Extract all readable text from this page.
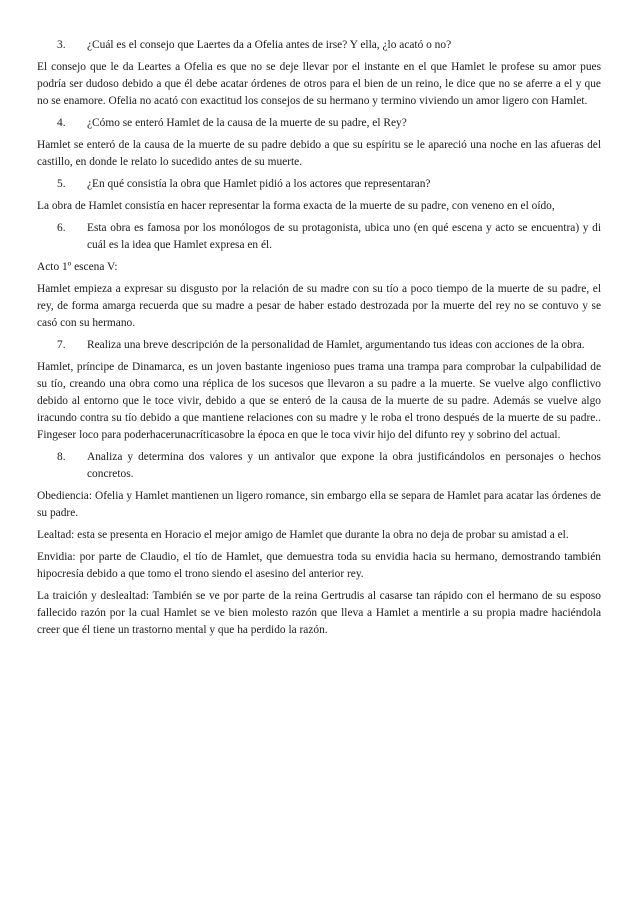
3.	¿Cuál es el consejo que Laertes da a Ofelia antes de irse? Y ella, ¿lo acató o no?

El consejo que le da Leartes a Ofelia es que no se deje llevar por el instante en el que Hamlet le profese su amor pues podría ser dudoso debido a que él debe acatar órdenes de otros para el bien de un reino, le dice que no se aferre a el y que no se enamore. Ofelia no acató con exactitud los consejos de su hermano y termino viviendo un amor ligero con Hamlet.

4.	¿Cómo se enteró Hamlet de la causa de la muerte de su padre, el Rey?

Hamlet se enteró de la causa de la muerte de su padre debido a que su espíritu se le apareció una noche en las afueras del castillo, en donde le relato lo sucedido antes de su muerte.

5.	¿En qué consistía la obra que Hamlet pidió a los actores que representaran?

La obra de Hamlet consistía en hacer representar la forma exacta de la muerte de su padre, con veneno en el oído,

6.	Esta obra es famosa por los monólogos de su protagonista, ubica uno (en qué escena y acto se encuentra) y di cuál es la idea que Hamlet expresa en él.

Acto 1º escena V:

Hamlet empieza a expresar su disgusto por la relación de su madre con su tío a poco tiempo de la muerte de su padre, el rey, de forma amarga recuerda que su madre a pesar de haber estado destrozada por la muerte del rey no se contuvo y se casó con su hermano.

7.	Realiza una breve descripción de la personalidad de Hamlet, argumentando tus ideas con acciones de la obra.

Hamlet, príncipe de Dinamarca, es un joven bastante ingenioso pues trama una trampa para comprobar la culpabilidad de su tío, creando una obra como una réplica de los sucesos que llevaron a su padre a la muerte. Se vuelve algo conflictivo debido al entorno que le toce vivir, debido a que se enteró de la causa de la muerte de su padre. Además se vuelve algo iracundo contra su tío debido a que mantiene relaciones con su madre y le roba el trono después de la muerte de su padre.. Fingeser loco para poderhacerunacríticasobre la época en que le toca vivir hijo del difunto rey y sobrino del actual.

8.	Analiza y determina dos valores y un antivalor que expone la obra justificándolos en personajes o hechos concretos.

Obediencia: Ofelia y Hamlet mantienen un ligero romance, sin embargo ella se separa de Hamlet para acatar las órdenes de su padre.

Lealtad: esta se presenta en Horacio el mejor amigo de Hamlet que durante la obra no deja de probar su amistad a el.

Envidia: por parte de Claudio, el tío de Hamlet, que demuestra toda su envidia hacia su hermano, demostrando también hipocresía debido a que tomo el trono siendo el asesino del anterior rey.

La traición y deslealtad: También se ve por parte de la reina Gertrudis al casarse tan rápido con el hermano de su esposo fallecido razón por la cual Hamlet se ve bien molesto razón que lleva a Hamlet a mentirle a su propia madre haciéndola creer que él tiene un trastorno mental y que ha perdido la razón.
